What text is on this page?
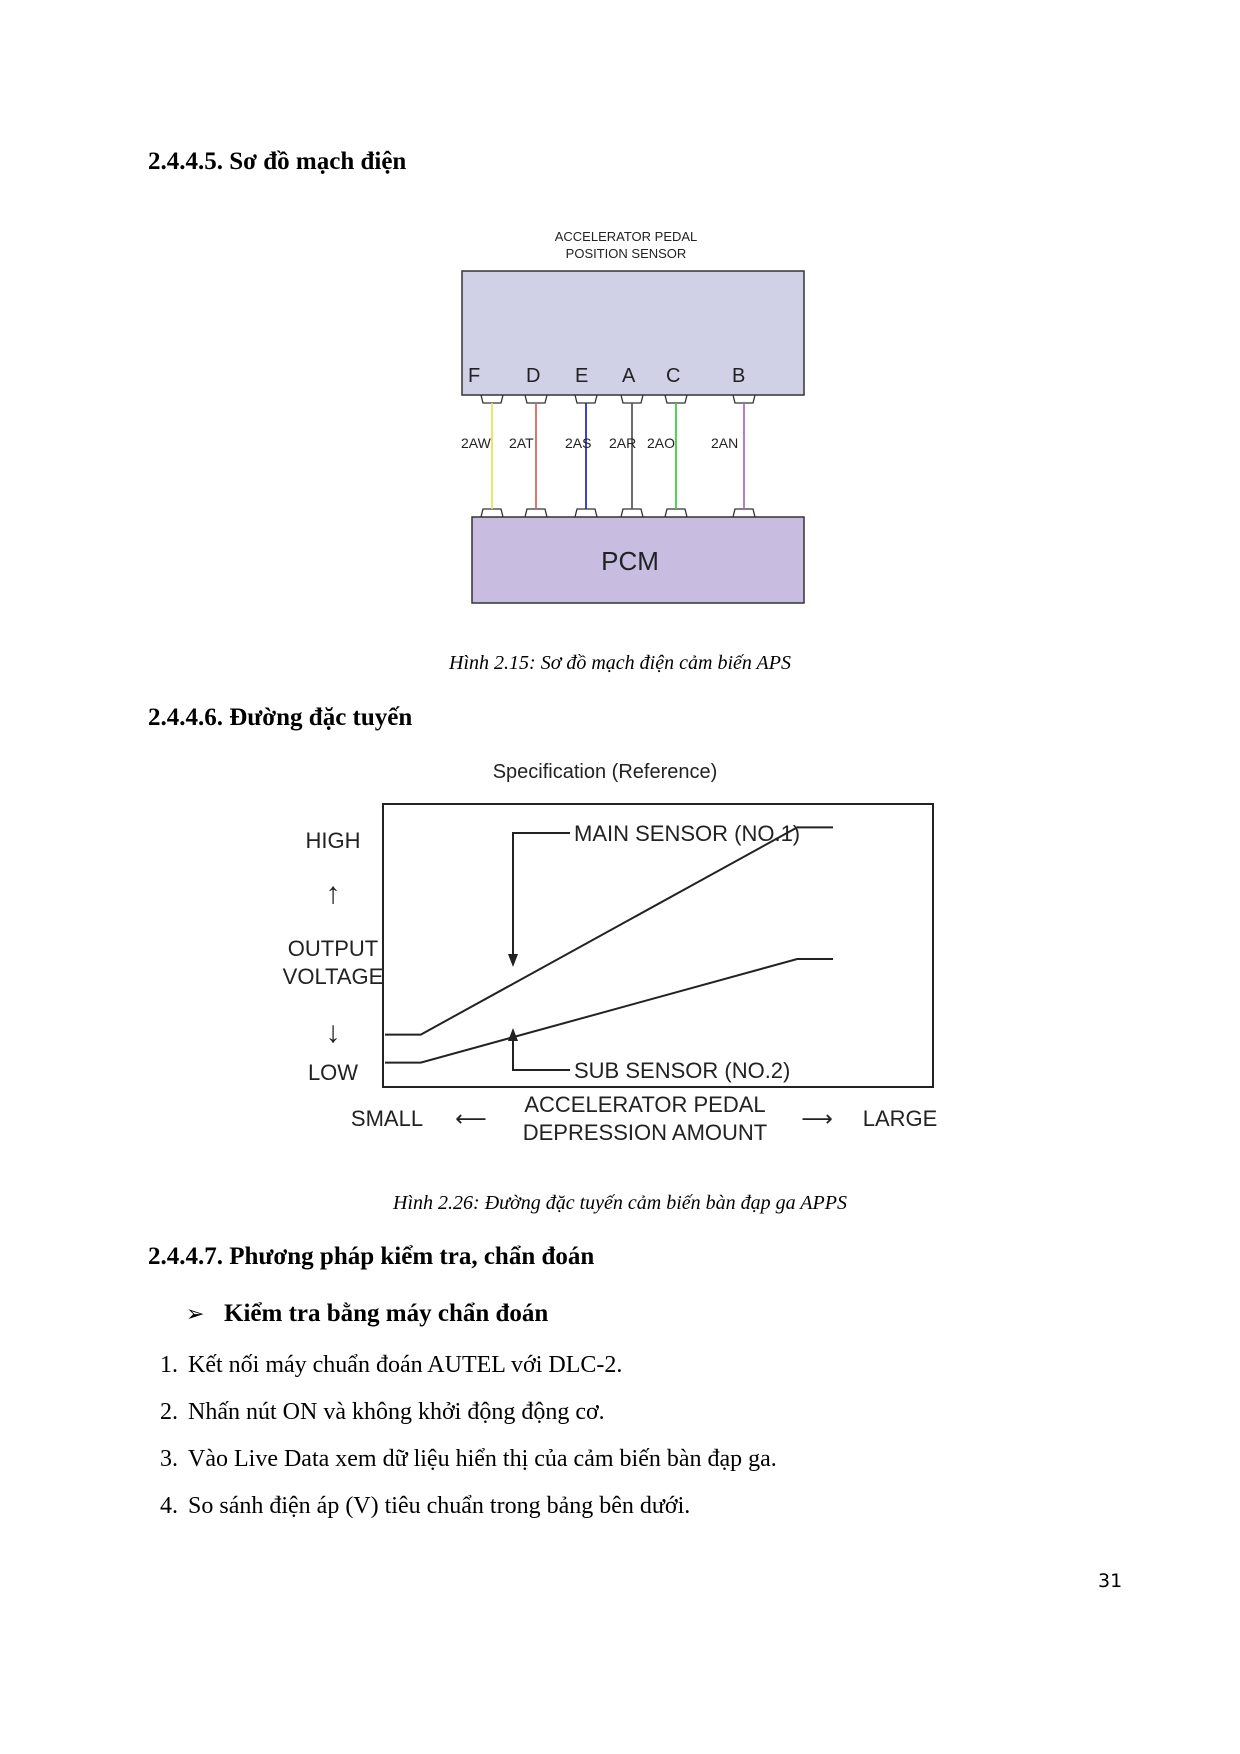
2.4.4.5. Sơ đồ mạch điện
ACCELERATOR PEDAL
POSITION SENSOR
PCM
F
2AW
D
2AT
E
2AS
A
2AR
C
2AO
B
2AN
Hình 2.15: Sơ đồ mạch điện cảm biến APS
2.4.4.6. Đường đặc tuyến
Specification (Reference)
HIGH
↑
OUTPUT
VOLTAGE
↓
LOW
SMALL ⟵
ACCELERATOR PEDAL
DEPRESSION AMOUNT
⟶ LARGE
MAIN SENSOR (NO.1)
SUB SENSOR (NO.2)
Hình 2.26: Đường đặc tuyến cảm biến bàn đạp ga APPS
2.4.4.7. Phương pháp kiểm tra, chẩn đoán
➢ Kiểm tra bằng máy chẩn đoán
1. Kết nối máy chuẩn đoán AUTEL với DLC-2.
2. Nhấn nút ON và không khởi động động cơ.
3. Vào Live Data xem dữ liệu hiển thị của cảm biến bàn đạp ga.
4. So sánh điện áp (V) tiêu chuẩn trong bảng bên dưới.
31
